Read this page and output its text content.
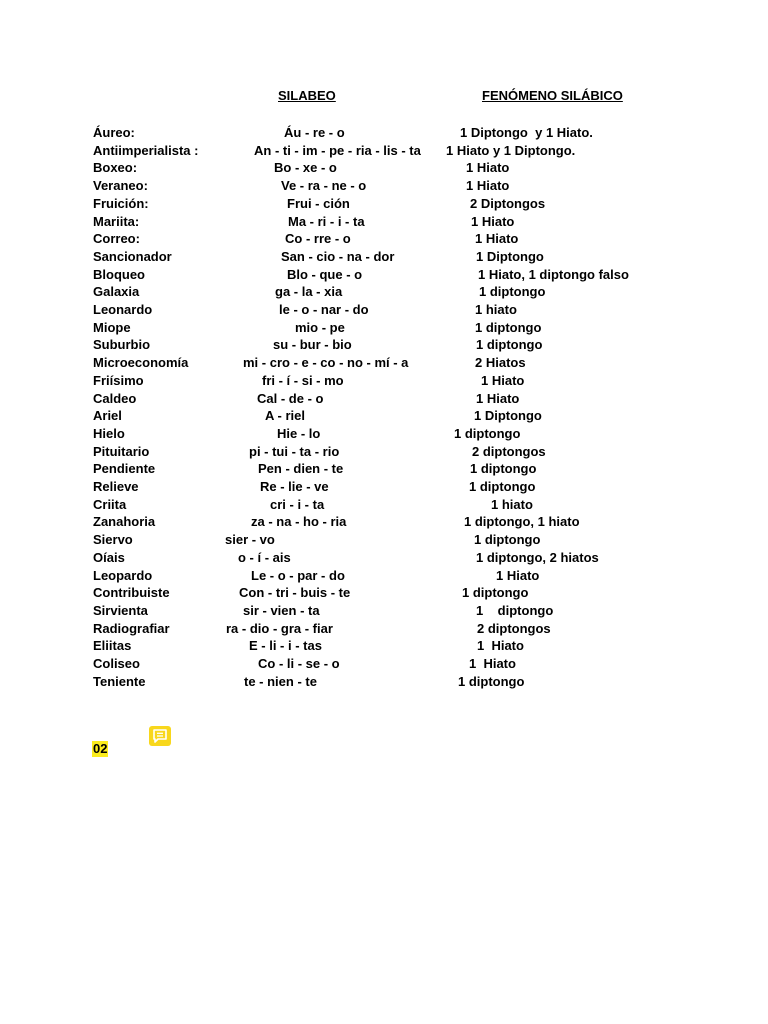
SILABEO	FENÓMENO SILÁBICO
Áureo:	Áu - re - o	1 Diptongo  y 1 Hiato.
Antiimperialista :	An - ti - im - pe - ria - lis - ta 1 Hiato y 1 Diptongo.
Boxeo:	Bo - xe - o	1 Hiato
Veraneo:	Ve - ra - ne - o	1 Hiato
Fruición:	Frui - ción	2 Diptongos
Mariita:	Ma - ri - i - ta	1 Hiato
Correo:	Co - rre - o	1 Hiato
Sancionador	San - cio - na - dor	1 Diptongo
Bloqueo	Blo - que - o	1 Hiato, 1 diptongo falso
Galaxia	ga - la - xia	1 diptongo
Leonardo	le - o - nar - do	1 hiato
Miope	mio - pe	1 diptongo
Suburbio	su - bur - bio	1 diptongo
Microeconomía	mi - cro - e - co - no - mí - a	2 Hiatos
Friísimo	fri - í - si - mo	1 Hiato
Caldeo	Cal - de - o	1 Hiato
Ariel	A - riel	1 Diptongo
Hielo	Hie - lo	1 diptongo
Pituitario	pi - tui - ta - rio	2 diptongos
Pendiente	Pen - dien - te	1 diptongo
Relieve	Re - lie - ve	1 diptongo
Criita	cri - i - ta	1 hiato
Zanahoria	za - na - ho - ria	1 diptongo, 1 hiato
Siervo	sier - vo	1 diptongo
Oíais	o - í - ais	1 diptongo, 2 hiatos
Leopardo	Le - o - par - do	1 Hiato
Contribuiste	Con - tri - buis - te	1 diptongo
Sirvienta	sir - vien - ta	1    diptongo
Radiografiar	ra - dio - gra - fiar	2 diptongos
Eliitas	E - li - i - tas	1  Hiato
Coliseo	Co - li - se - o	1  Hiato
Teniente	te - nien - te	1 diptongo
02
